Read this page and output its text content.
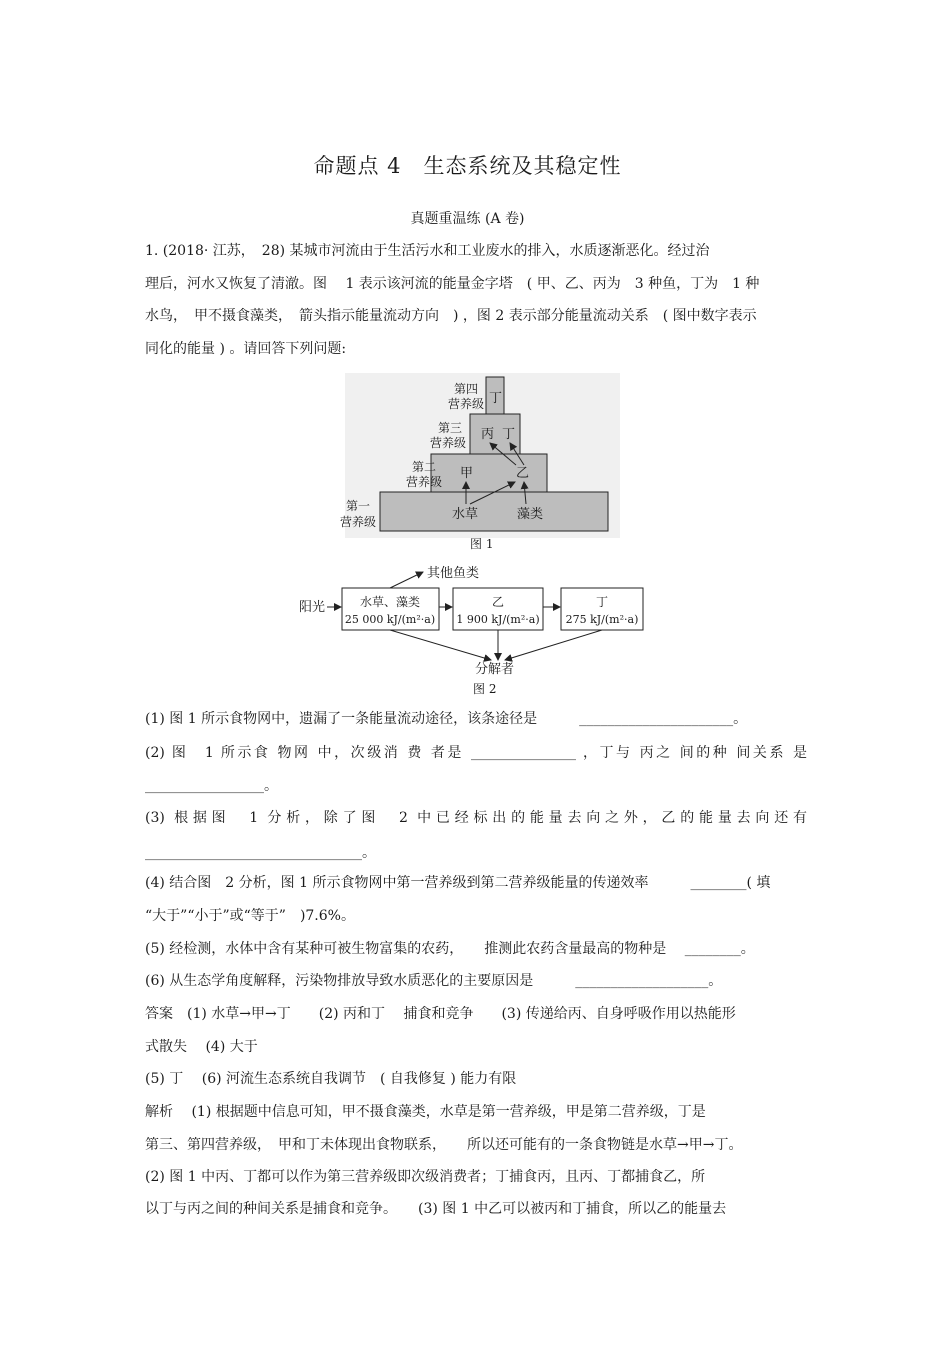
命题点 4　生态系统及其稳定性
真题重温练 (A 卷)
1. (2018· 江苏，　28) 某城市河流由于生活污水和工业废水的排入，水质逐渐恶化。经过治
理后，河水又恢复了清澈。图　 1 表示该河流的能量金字塔　( 甲、乙、丙为　3 种鱼，丁为　1 种
水鸟，　甲不摄食藻类，　箭头指示能量流动方向　) ，图 2 表示部分能量流动关系　( 图中数字表示
同化的能量 ) 。请回答下列问题:
第一
营养级
第二
营养级
第三
营养级
第四
营养级
水草	藻类
甲	乙
丙 丁
丁
图 1
阳光
其他鱼类
分解者
图 2
水草、藻类
25 000 kJ/(m²·a)
乙
1 900 kJ/(m²·a)
丁
275 kJ/(m²·a)
(1) 图 1 所示食物网中，遗漏了一条能量流动途径，该条途径是　　　______________________。
(2) 图　1 所示食 物网 中，次级消 费 者是 _______________ ，丁与 丙之 间的种 间关系 是
_________________。
(3) 根据图　1 分析，除了图　2 中已经标出的能量去向之外，乙的能量去向还有
_______________________________。
(4) 结合图　2 分析，图 1 所示食物网中第一营养级到第二营养级能量的传递效率　　　________( 填
“大于”“小于”或“等于”　)7.6%。
(5) 经检测，水体中含有某种可被生物富集的农药，　　推测此农药含量最高的物种是　 ________。
(6) 从生态学角度解释，污染物排放导致水质恶化的主要原因是　　　___________________。
答案　(1) 水草→甲→丁　　(2) 丙和丁　 捕食和竞争　　(3) 传递给丙、自身呼吸作用以热能形
式散失　 (4) 大于
(5) 丁　 (6) 河流生态系统自我调节　( 自我修复 ) 能力有限
解析　 (1) 根据题中信息可知，甲不摄食藻类，水草是第一营养级，甲是第二营养级，丁是
第三、第四营养级，　甲和丁未体现出食物联系，　　所以还可能有的一条食物链是水草→甲→丁。
(2) 图 1 中丙、丁都可以作为第三营养级即次级消费者；丁捕食丙，且丙、丁都捕食乙，所
以丁与丙之间的种间关系是捕食和竞争。　　(3) 图 1 中乙可以被丙和丁捕食，所以乙的能量去
